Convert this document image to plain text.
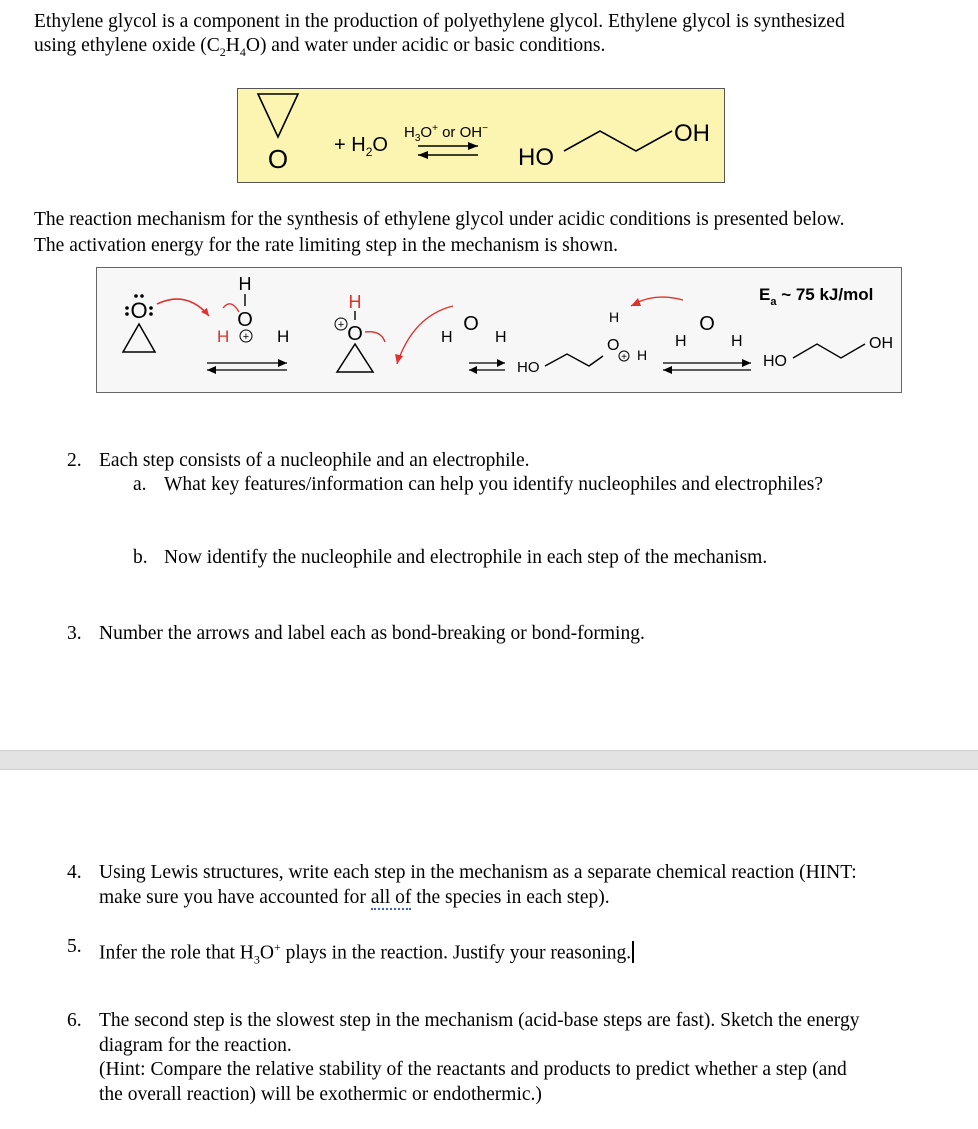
Ethylene glycol is a component in the production of polyethylene glycol. Ethylene glycol is synthesized

using ethylene oxide $(C_2H_4O)$ and water under acidic or basic conditions.

$O + H_2O$
$H_3O^+$ or OH−
HO
OH

The reaction mechanism for the synthesis of ethylene glycol under acidic conditions is presented below.

The activation energy for the rate limiting step in the mechanism is shown.

O
H
O
H	H
+
H
O
+	O
H	H
HO
H
O
H
+
O
H	H
$E_a$ ~ 75 kJ/mol
HO
OH
2. Each step consists of a nucleophile and an electrophile.

a. What key features/information can help you identify nucleophiles and electrophiles?

b. Now identify the nucleophile and electrophile in each step of the mechanism.

3. Number the arrows and label each as bond-breaking or bond-forming.

4. Using Lewis structures, write each step in the mechanism as a separate chemical reaction (HINT:

make sure you have accounted for all of the species in each step).

5. Infer the role that $H_3O^+$ plays in the reaction. Justify your reasoning.

6. The second step is the slowest step in the mechanism (acid-base steps are fast). Sketch the energy

diagram for the reaction.

(Hint: Compare the relative stability of the reactants and products to predict whether a step (and

the overall reaction) will be exothermic or endothermic.)
